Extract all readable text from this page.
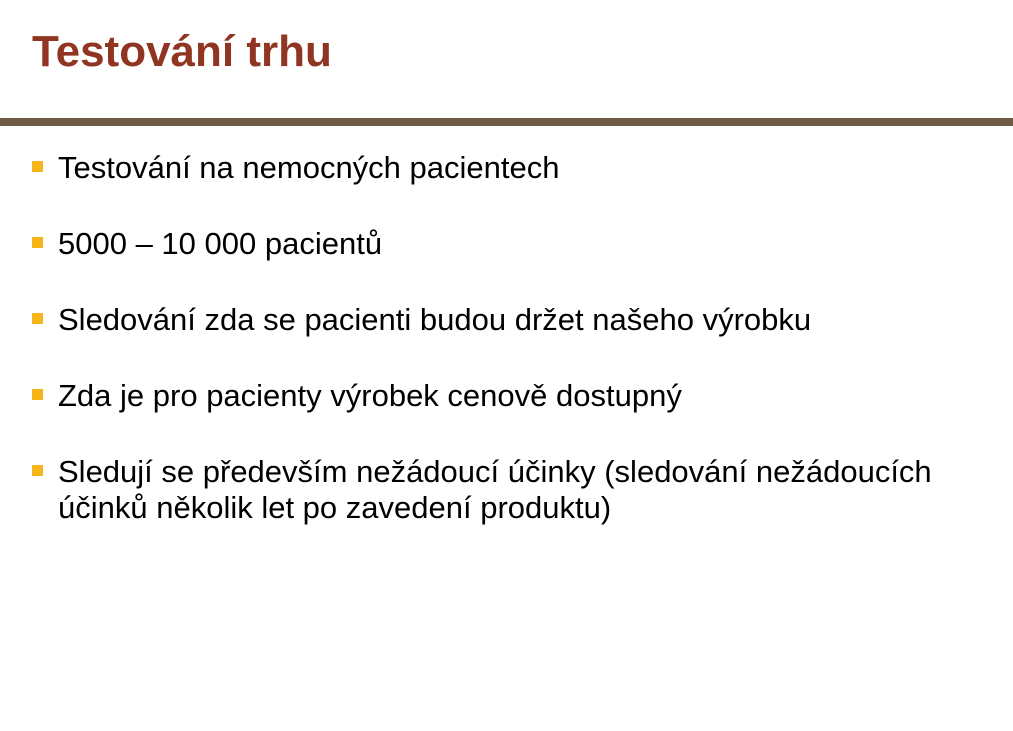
Testování trhu
Testování na nemocných pacientech
5000 – 10 000 pacientů
Sledování zda se pacienti budou držet našeho výrobku
Zda je pro pacienty výrobek cenově dostupný
Sledují se především nežádoucí účinky (sledování nežádoucích účinků několik let po zavedení produktu)
